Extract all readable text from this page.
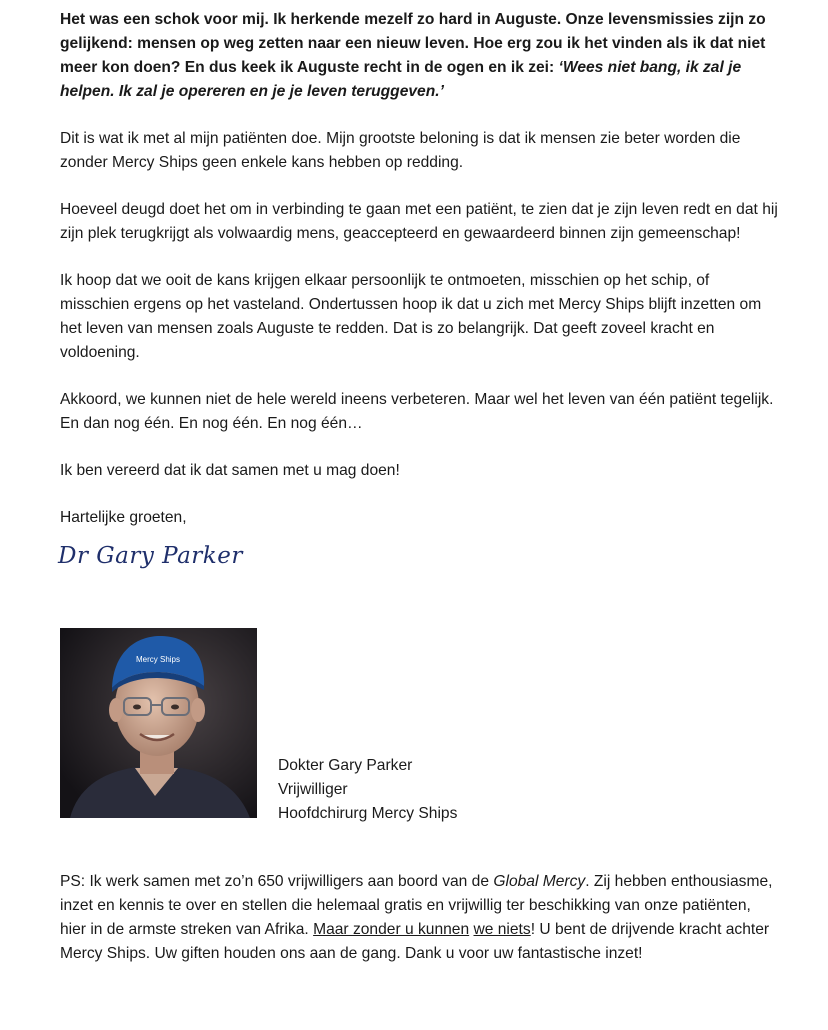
Het was een schok voor mij. Ik herkende mezelf zo hard in Auguste. Onze levensmissies zijn zo gelijkend: mensen op weg zetten naar een nieuw leven. Hoe erg zou ik het vinden als ik dat niet meer kon doen? En dus keek ik Auguste recht in de ogen en ik zei: ‘Wees niet bang, ik zal je helpen. Ik zal je opereren en je je leven teruggeven.’

Dit is wat ik met al mijn patiënten doe. Mijn grootste beloning is dat ik mensen zie beter worden die zonder Mercy Ships geen enkele kans hebben op redding.

Hoeveel deugd doet het om in verbinding te gaan met een patiënt, te zien dat je zijn leven redt en dat hij zijn plek terugkrijgt als volwaardig mens, geaccepteerd en gewaardeerd binnen zijn gemeenschap!

Ik hoop dat we ooit de kans krijgen elkaar persoonlijk te ontmoeten, misschien op het schip, of misschien ergens op het vasteland. Ondertussen hoop ik dat u zich met Mercy Ships blijft inzetten om het leven van mensen zoals Auguste te redden. Dat is zo belangrijk. Dat geeft zoveel kracht en voldoening.

Akkoord, we kunnen niet de hele wereld ineens verbeteren. Maar wel het leven van één patiënt tegelijk. En dan nog één. En nog één. En nog één…

Ik ben vereerd dat ik dat samen met u mag doen!

Hartelijke groeten,

Dr Gary Parker
Mercy Ships
Dokter Gary Parker
Vrijwilliger
Hoofdchirurg Mercy Ships

PS: Ik werk samen met zo’n 650 vrijwilligers aan boord van de Global Mercy. Zij hebben enthousiasme, inzet en kennis te over en stellen die helemaal gratis en vrijwillig ter beschikking van onze patiënten, hier in de armste streken van Afrika. Maar zonder u kunnen we niets! U bent de drijvende kracht achter Mercy Ships. Uw giften houden ons aan de gang. Dank u voor uw fantastische inzet!
